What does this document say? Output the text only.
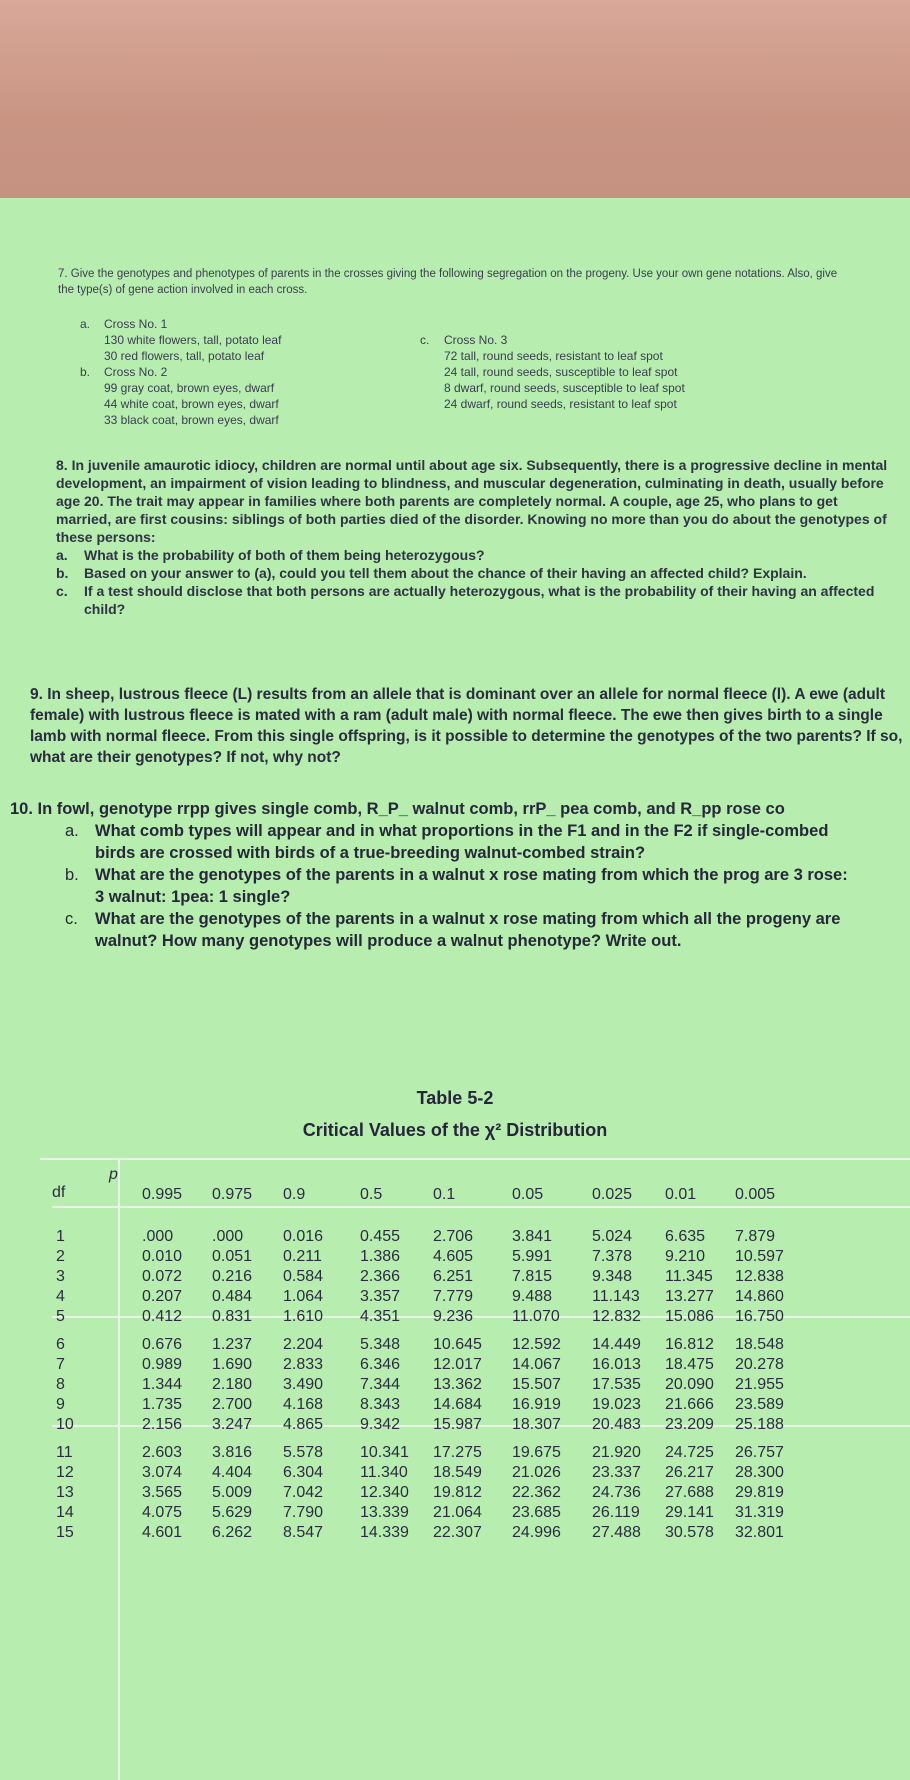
7. Give the genotypes and phenotypes of parents in the crosses giving the following segregation on the progeny. Use your own gene notations. Also, give the type(s) of gene action involved in each cross.

a. Cross No. 1
130 white flowers, tall, potato leaf
30 red flowers, tall, potato leaf
b. Cross No. 2
99 gray coat, brown eyes, dwarf
44 white coat, brown eyes, dwarf
33 black coat, brown eyes, dwarf
c. Cross No. 3
72 tall, round seeds, resistant to leaf spot
24 tall, round seeds, susceptible to leaf spot
8 dwarf, round seeds, susceptible to leaf spot
24 dwarf, round seeds, resistant to leaf spot

8. In juvenile amaurotic idiocy, children are normal until about age six. Subsequently, there is a progressive decline in mental development, an impairment of vision leading to blindness, and muscular degeneration, culminating in death, usually before age 20. The trait may appear in families where both parents are completely normal. A couple, age 25, who plans to get married, are first cousins: siblings of both parties died of the disorder. Knowing no more than you do about the genotypes of these persons:

a.	What is the probability of both of them being heterozygous?
b.	Based on your answer to (a), could you tell them about the chance of their having an affected child? Explain.
c.	If a test should disclose that both persons are actually heterozygous, what is the probability of their having an affected child?

9. In sheep, lustrous fleece (L) results from an allele that is dominant over an allele for normal fleece (l). A ewe (adult female) with lustrous fleece is mated with a ram (adult male) with normal fleece. The ewe then gives birth to a single lamb with normal fleece. From this single offspring, is it possible to determine the genotypes of the two parents? If so, what are their genotypes? If not, why not?

10. In fowl, genotype rrpp gives single comb, R_P_ walnut comb, rrP_ pea comb, and R_pp rose co

a. What comb types will appear and in what proportions in the F1 and in the F2 if single-combed birds are crossed with birds of a true-breeding walnut-combed strain?
b. What are the genotypes of the parents in a walnut x rose mating from which the prog are 3 rose: 3 walnut: 1pea: 1 single?
c.	What are the genotypes of the parents in a walnut x rose mating from which all the progeny are walnut? How many genotypes will produce a walnut phenotype? Write out.
Table 5-2
Critical Values of the χ² Distribution
p
df	0.995 0.975 0.9	0.5	0.1	0.05	0.025 0.01 0.005
1	.000 .000 0.016 0.455 2.706 3.841 5.024 6.635 7.879
2	0.010 0.051 0.211 1.386 4.605 5.991 7.378 9.210 10.597
3	0.072 0.216 0.584 2.366 6.251 7.815 9.348 11.345 12.838
4	0.207 0.484 1.064 3.357 7.779 9.488 11.143 13.277 14.860
5	0.412 0.831 1.610 4.351 9.236 11.070 12.832 15.086 16.750
6	0.676 1.237 2.204 5.348 10.645 12.592 14.449 16.812 18.548
7	0.989 1.690 2.833 6.346 12.017 14.067 16.013 18.475 20.278
8	1.344 2.180 3.490 7.344 13.362 15.507 17.535 20.090 21.955
9	1.735 2.700 4.168 8.343 14.684 16.919 19.023 21.666 23.589
10	2.156 3.247 4.865 9.342 15.987 18.307 20.483 23.209 25.188
11	2.603 3.816 5.578 10.341 17.275 19.675 21.920 24.725 26.757
12	3.074 4.404 6.304 11.340 18.549 21.026 23.337 26.217 28.300
13	3.565 5.009 7.042 12.340 19.812 22.362 24.736 27.688 29.819
14	4.075 5.629 7.790 13.339 21.064 23.685 26.119 29.141 31.319
15	4.601 6.262 8.547 14.339 22.307 24.996 27.488 30.578 32.801
